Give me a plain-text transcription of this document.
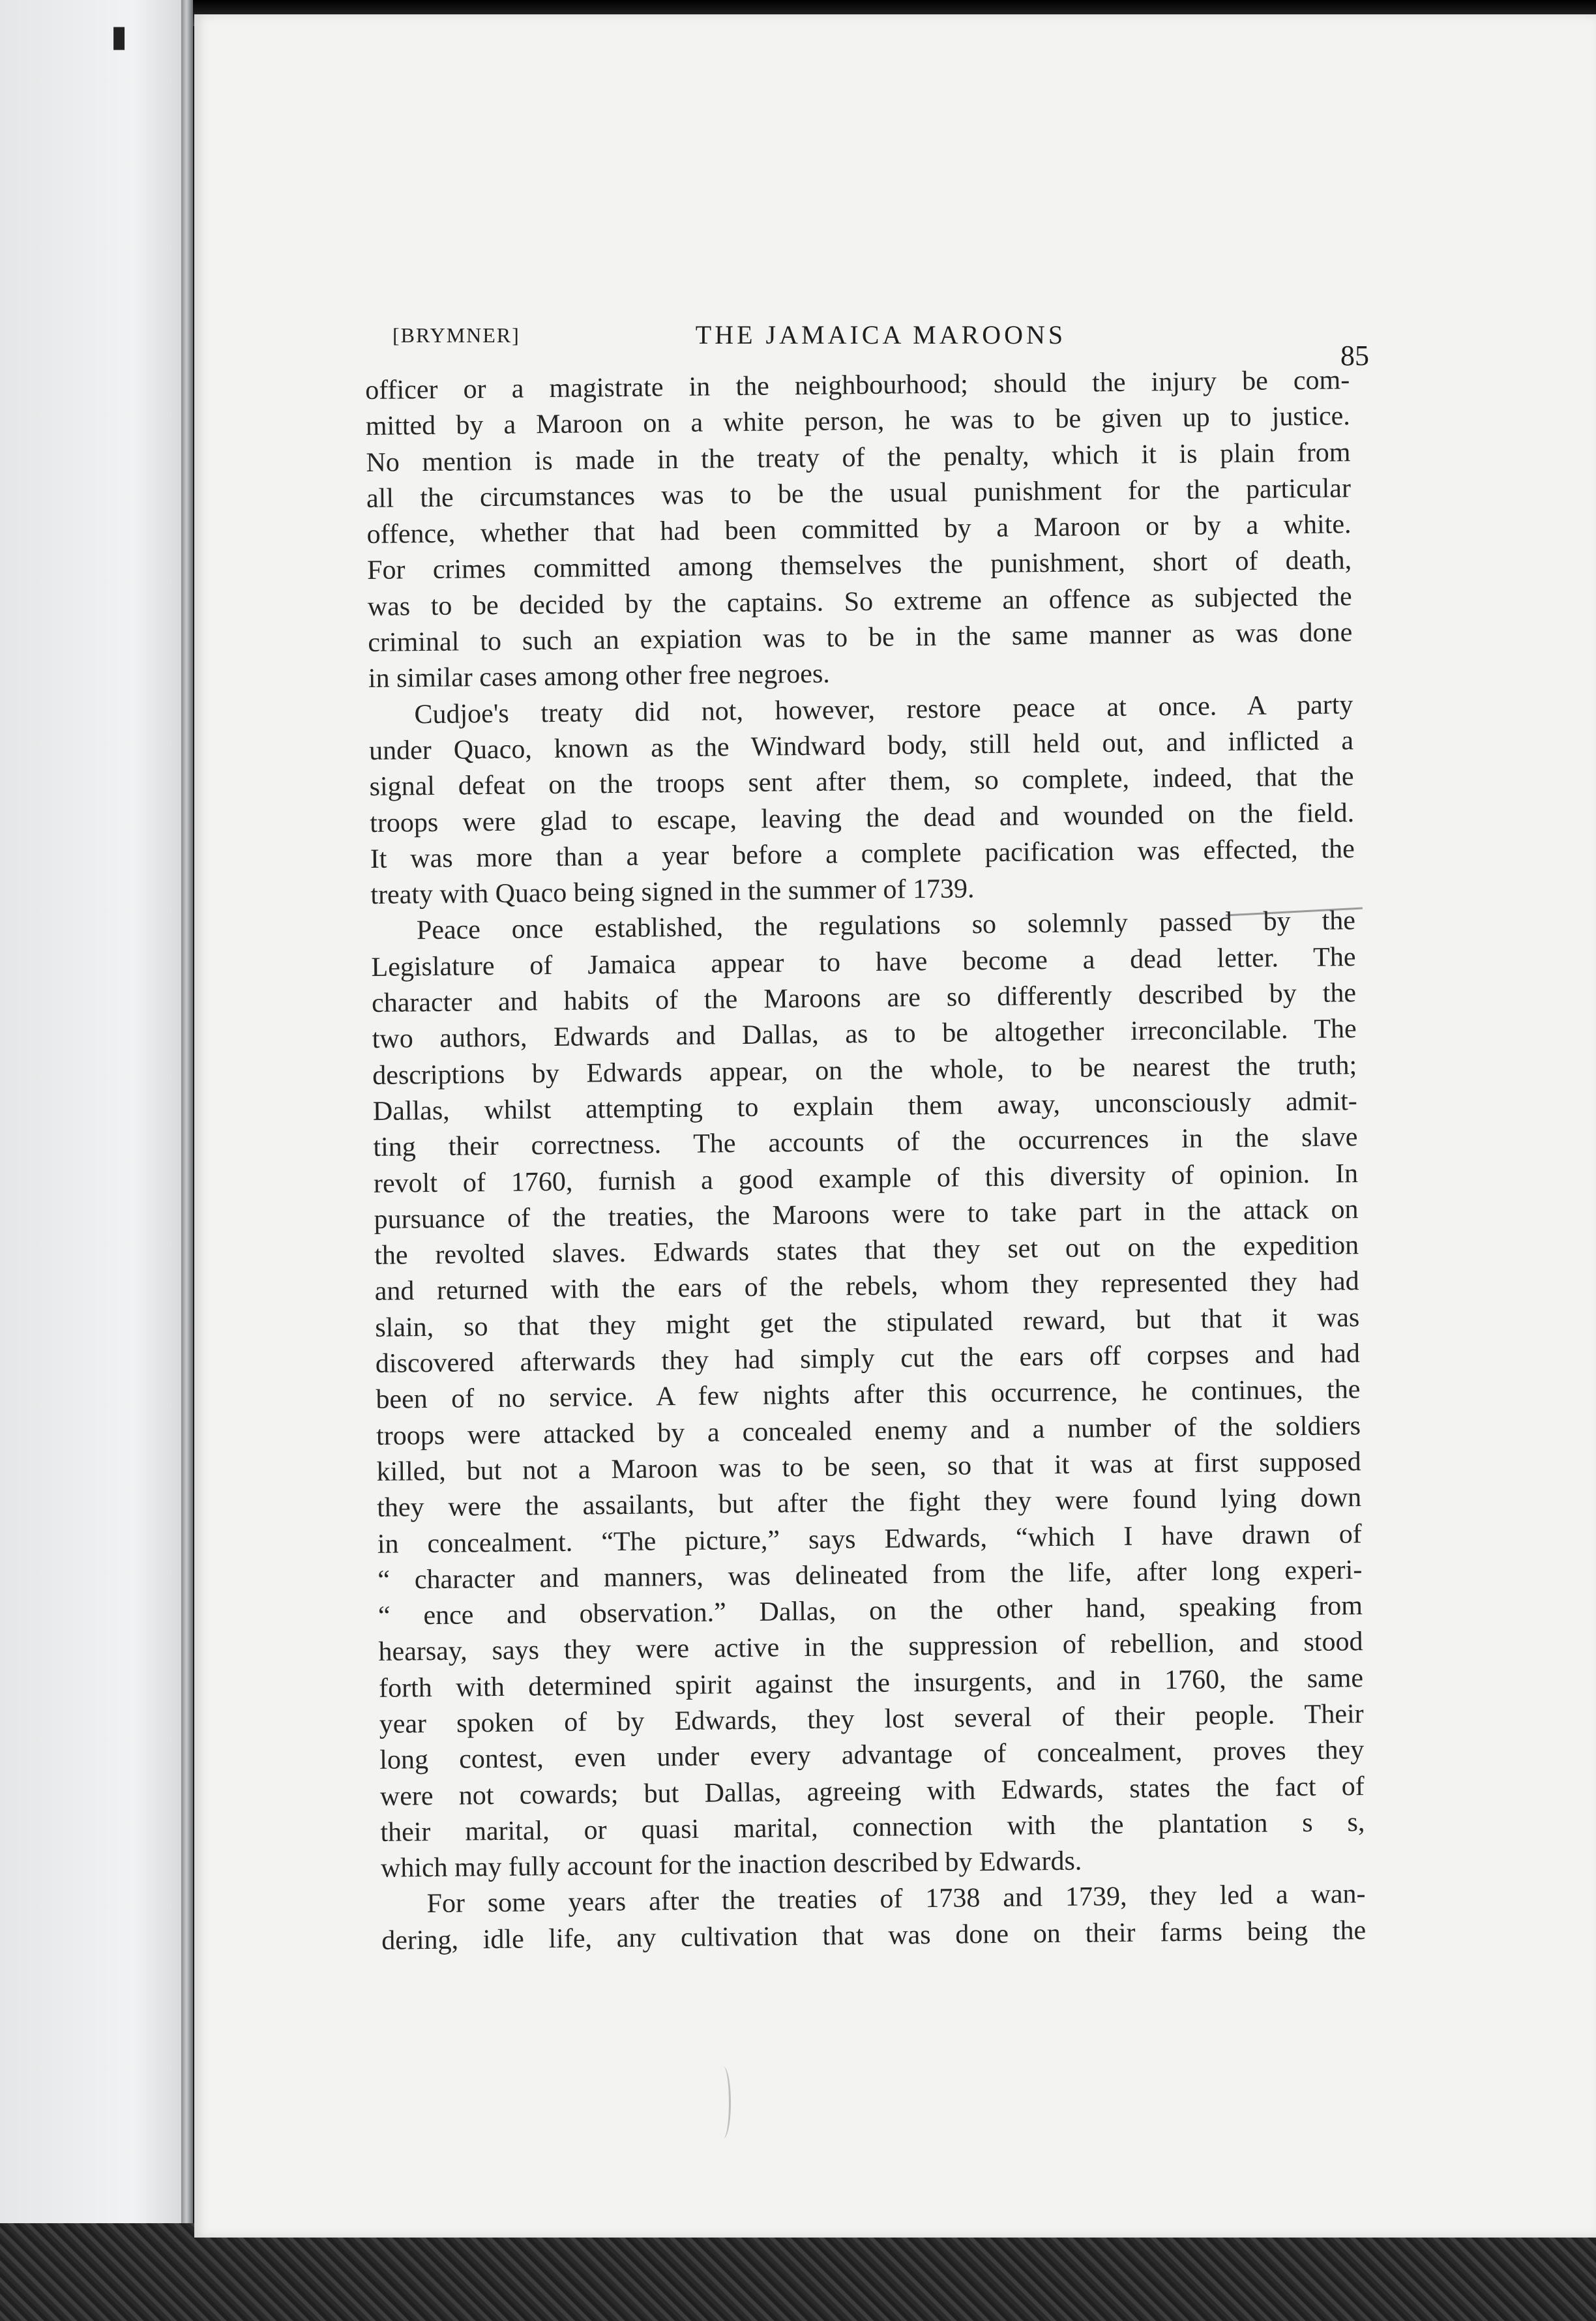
▮
[BRYMNER]	THE JAMAICA MAROONS
85
officer or a magistrate in the neighbourhood; should the injury be com-
mitted by a Maroon on a white person, he was to be given up to justice.
No mention is made in the treaty of the penalty, which it is plain from
all the circumstances was to be the usual punishment for the particular
offence, whether that had been committed by a Maroon or by a white.
For crimes committed among themselves the punishment, short of death,
was to be decided by the captains. So extreme an offence as subjected the
criminal to such an expiation was to be in the same manner as was done
in similar cases among other free negroes.
Cudjoe's treaty did not, however, restore peace at once. A party
under Quaco, known as the Windward body, still held out, and inflicted a
signal defeat on the troops sent after them, so complete, indeed, that the
troops were glad to escape, leaving the dead and wounded on the field.
It was more than a year before a complete pacification was effected, the
treaty with Quaco being signed in the summer of 1739.
Peace once established, the regulations so solemnly passed by the
Legislature of Jamaica appear to have become a dead letter. The
character and habits of the Maroons are so differently described by the
two authors, Edwards and Dallas, as to be altogether irreconcilable. The
descriptions by Edwards appear, on the whole, to be nearest the truth;
Dallas, whilst attempting to explain them away, unconsciously admit-
ting their correctness. The accounts of the occurrences in the slave
revolt of 1760, furnish a good example of this diversity of opinion. In
pursuance of the treaties, the Maroons were to take part in the attack on
the revolted slaves. Edwards states that they set out on the expedition
and returned with the ears of the rebels, whom they represented they had
slain, so that they might get the stipulated reward, but that it was
discovered afterwards they had simply cut the ears off corpses and had
been of no service. A few nights after this occurrence, he continues, the
troops were attacked by a concealed enemy and a number of the soldiers
killed, but not a Maroon was to be seen, so that it was at first supposed
they were the assailants, but after the fight they were found lying down
in concealment. “The picture,” says Edwards, “which I have drawn of
“ character and manners, was delineated from the life, after long experi-
“ ence and observation.” Dallas, on the other hand, speaking from
hearsay, says they were active in the suppression of rebellion, and stood
forth with determined spirit against the insurgents, and in 1760, the same
year spoken of by Edwards, they lost several of their people. Their
long contest, even under every advantage of concealment, proves they
were not cowards; but Dallas, agreeing with Edwards, states the fact of
their marital, or quasi marital, connection with the plantation s s,
which may fully account for the inaction described by Edwards.
For some years after the treaties of 1738 and 1739, they led a wan-
dering, idle life, any cultivation that was done on their farms being the
